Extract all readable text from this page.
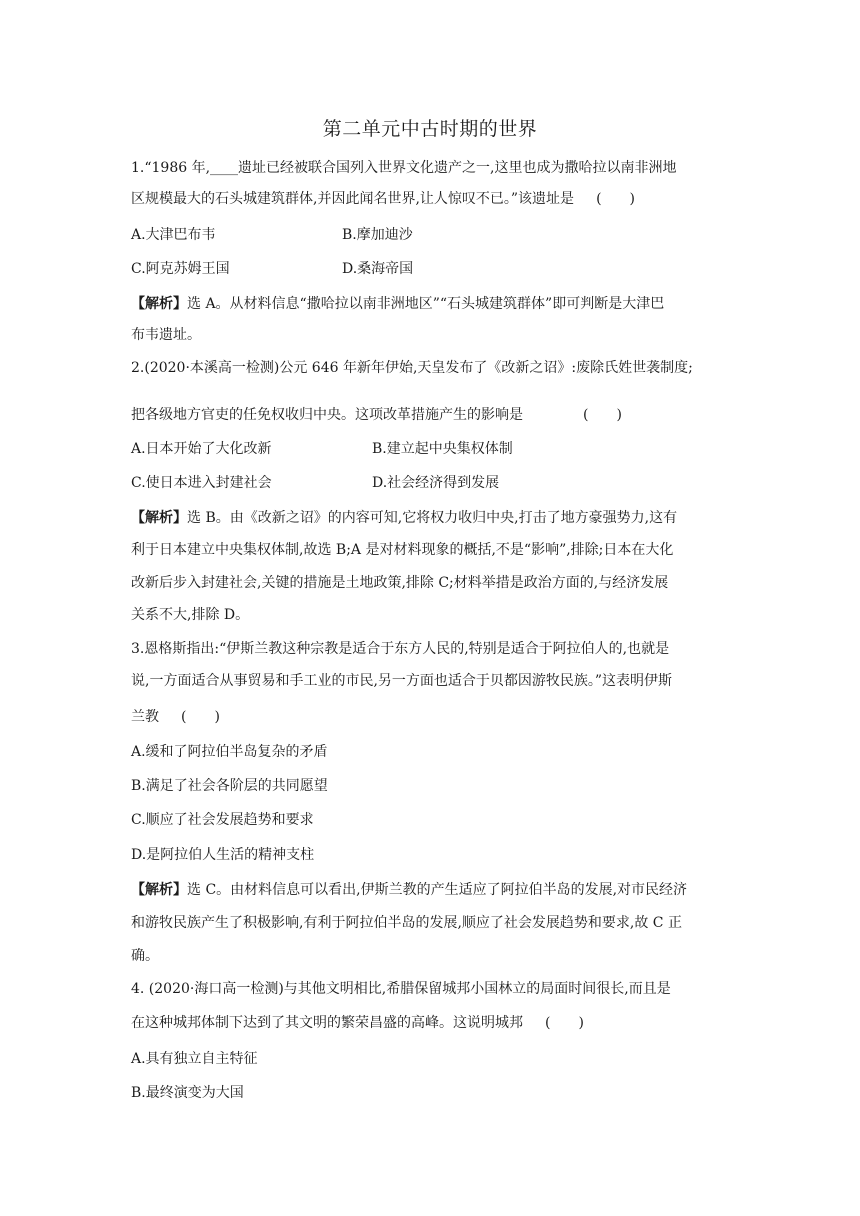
第二单元中古时期的世界
1.“1986 年,____遗址已经被联合国列入世界文化遗产之一,这里也成为撒哈拉以南非洲地
区规模最大的石头城建筑群体,并因此闻名世界,让人惊叹不已。”该遗址是 (　　)
A.大津巴布韦	B.摩加迪沙
C.阿克苏姆王国	D.桑海帝国
【解析】选 A。从材料信息“撒哈拉以南非洲地区”“石头城建筑群体”即可判断是大津巴
布韦遗址。
2.(2020·本溪高一检测)公元 646 年新年伊始,天皇发布了《改新之诏》:废除氏姓世袭制度;
把各级地方官吏的任免权收归中央。这项改革措施产生的影响是	(　　)
A.日本开始了大化改新	B.建立起中央集权体制
C.使日本进入封建社会	D.社会经济得到发展
【解析】选 B。由《改新之诏》的内容可知,它将权力收归中央,打击了地方豪强势力,这有
利于日本建立中央集权体制,故选 B;A 是对材料现象的概括,不是“影响”,排除;日本在大化
改新后步入封建社会,关键的措施是土地政策,排除 C;材料举措是政治方面的,与经济发展
关系不大,排除 D。
3.恩格斯指出:“伊斯兰教这种宗教是适合于东方人民的,特别是适合于阿拉伯人的,也就是
说,一方面适合从事贸易和手工业的市民,另一方面也适合于贝都因游牧民族。”这表明伊斯
兰教 (　　)
A.缓和了阿拉伯半岛复杂的矛盾
B.满足了社会各阶层的共同愿望
C.顺应了社会发展趋势和要求
D.是阿拉伯人生活的精神支柱
【解析】选 C。由材料信息可以看出,伊斯兰教的产生适应了阿拉伯半岛的发展,对市民经济
和游牧民族产生了积极影响,有利于阿拉伯半岛的发展,顺应了社会发展趋势和要求,故 C 正
确。
4. (2020·海口高一检测)与其他文明相比,希腊保留城邦小国林立的局面时间很长,而且是
在这种城邦体制下达到了其文明的繁荣昌盛的高峰。这说明城邦 (　　)
A.具有独立自主特征
B.最终演变为大国
